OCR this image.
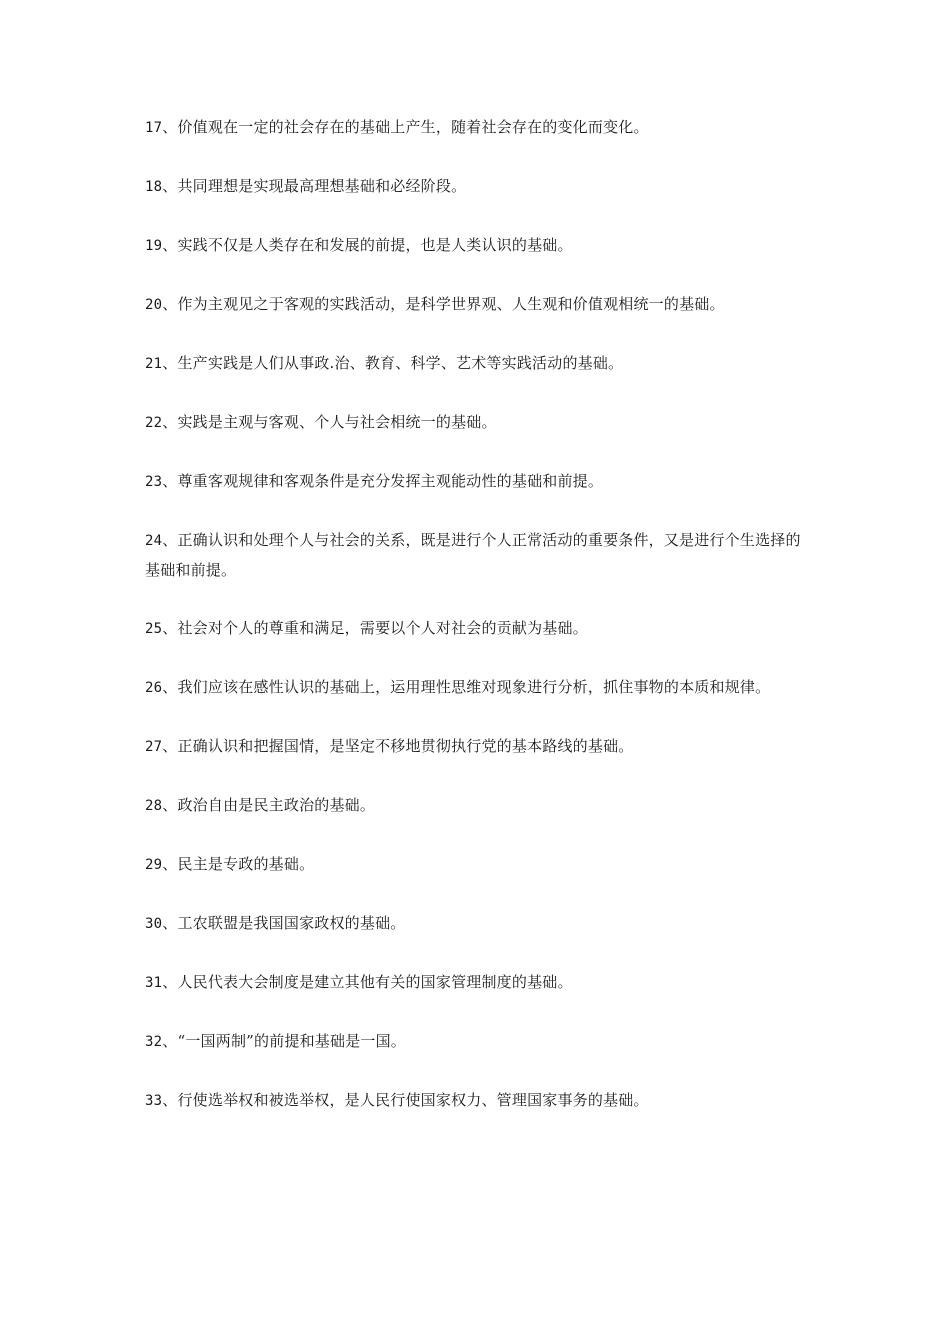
17、价值观在一定的社会存在的基础上产生，随着社会存在的变化而变化。

18、共同理想是实现最高理想基础和必经阶段。

19、实践不仅是人类存在和发展的前提，也是人类认识的基础。

20、作为主观见之于客观的实践活动，是科学世界观、人生观和价值观相统一的基础。

21、生产实践是人们从事政.治、教育、科学、艺术等实践活动的基础。

22、实践是主观与客观、个人与社会相统一的基础。

23、尊重客观规律和客观条件是充分发挥主观能动性的基础和前提。

24、正确认识和处理个人与社会的关系，既是进行个人正常活动的重要条件，又是进行个生选择的基础和前提。

25、社会对个人的尊重和满足，需要以个人对社会的贡献为基础。

26、我们应该在感性认识的基础上，运用理性思维对现象进行分析，抓住事物的本质和规律。

27、正确认识和把握国情，是坚定不移地贯彻执行党的基本路线的基础。

28、政治自由是民主政治的基础。

29、民主是专政的基础。

30、工农联盟是我国国家政权的基础。

31、人民代表大会制度是建立其他有关的国家管理制度的基础。

32、“一国两制”的前提和基础是一国。

33、行使选举权和被选举权，是人民行使国家权力、管理国家事务的基础。
